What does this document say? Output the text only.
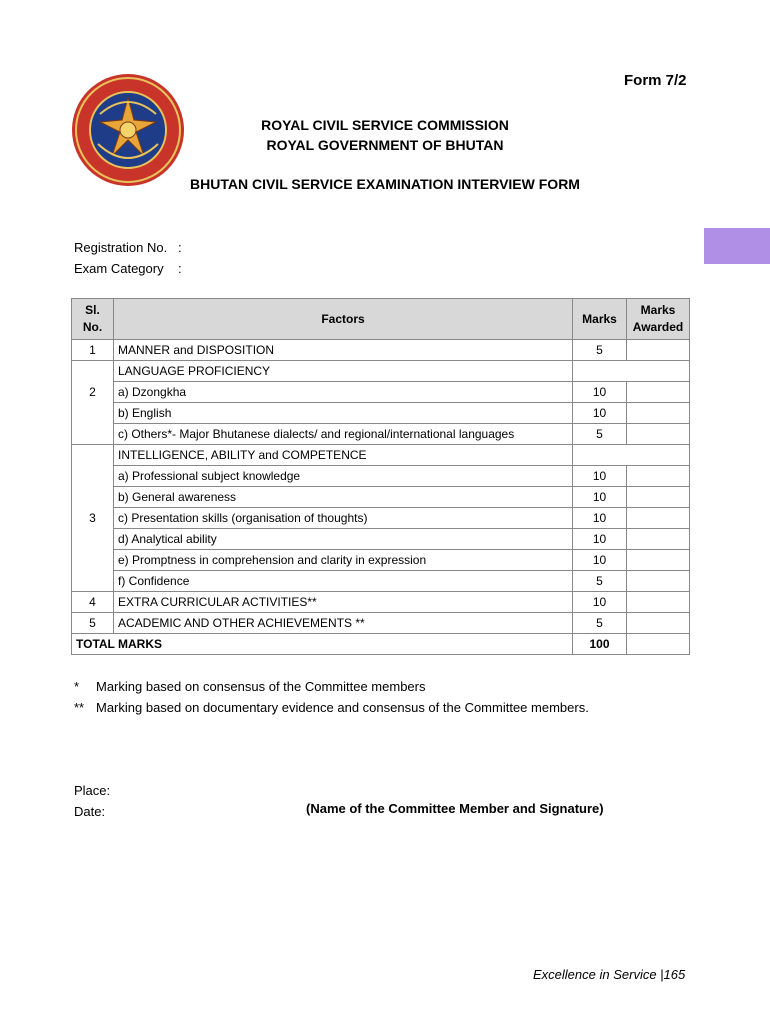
Form 7/2
ROYAL CIVIL SERVICE COMMISSION
ROYAL GOVERNMENT OF BHUTAN
BHUTAN CIVIL SERVICE EXAMINATION INTERVIEW FORM
Registration No.   :
Exam Category    :
Sl. No.	Factors	Marks	Marks Awarded
1	MANNER and DISPOSITION	5	
	LANGUAGE PROFICIENCY		
2	a) Dzongkha	10	
	b) English	10	
	c) Others*- Major Bhutanese dialects/ and regional/international languages	5	
	INTELLIGENCE, ABILITY and COMPETENCE		
	a) Professional subject knowledge	10	
	b) General awareness	10	
3	c) Presentation skills (organisation of thoughts)	10	
	d) Analytical ability	10	
	e) Promptness in comprehension and clarity in expression	10	
	f) Confidence	5	
4	EXTRA CURRICULAR ACTIVITIES**	10	
5	ACADEMIC AND OTHER ACHIEVEMENTS **	5	
TOTAL MARKS		100	
* Marking based on consensus of the Committee members
** Marking based on documentary evidence and consensus of the Committee members.
Place:
Date:	(Name of the Committee Member and Signature)
Excellence in Service |165
